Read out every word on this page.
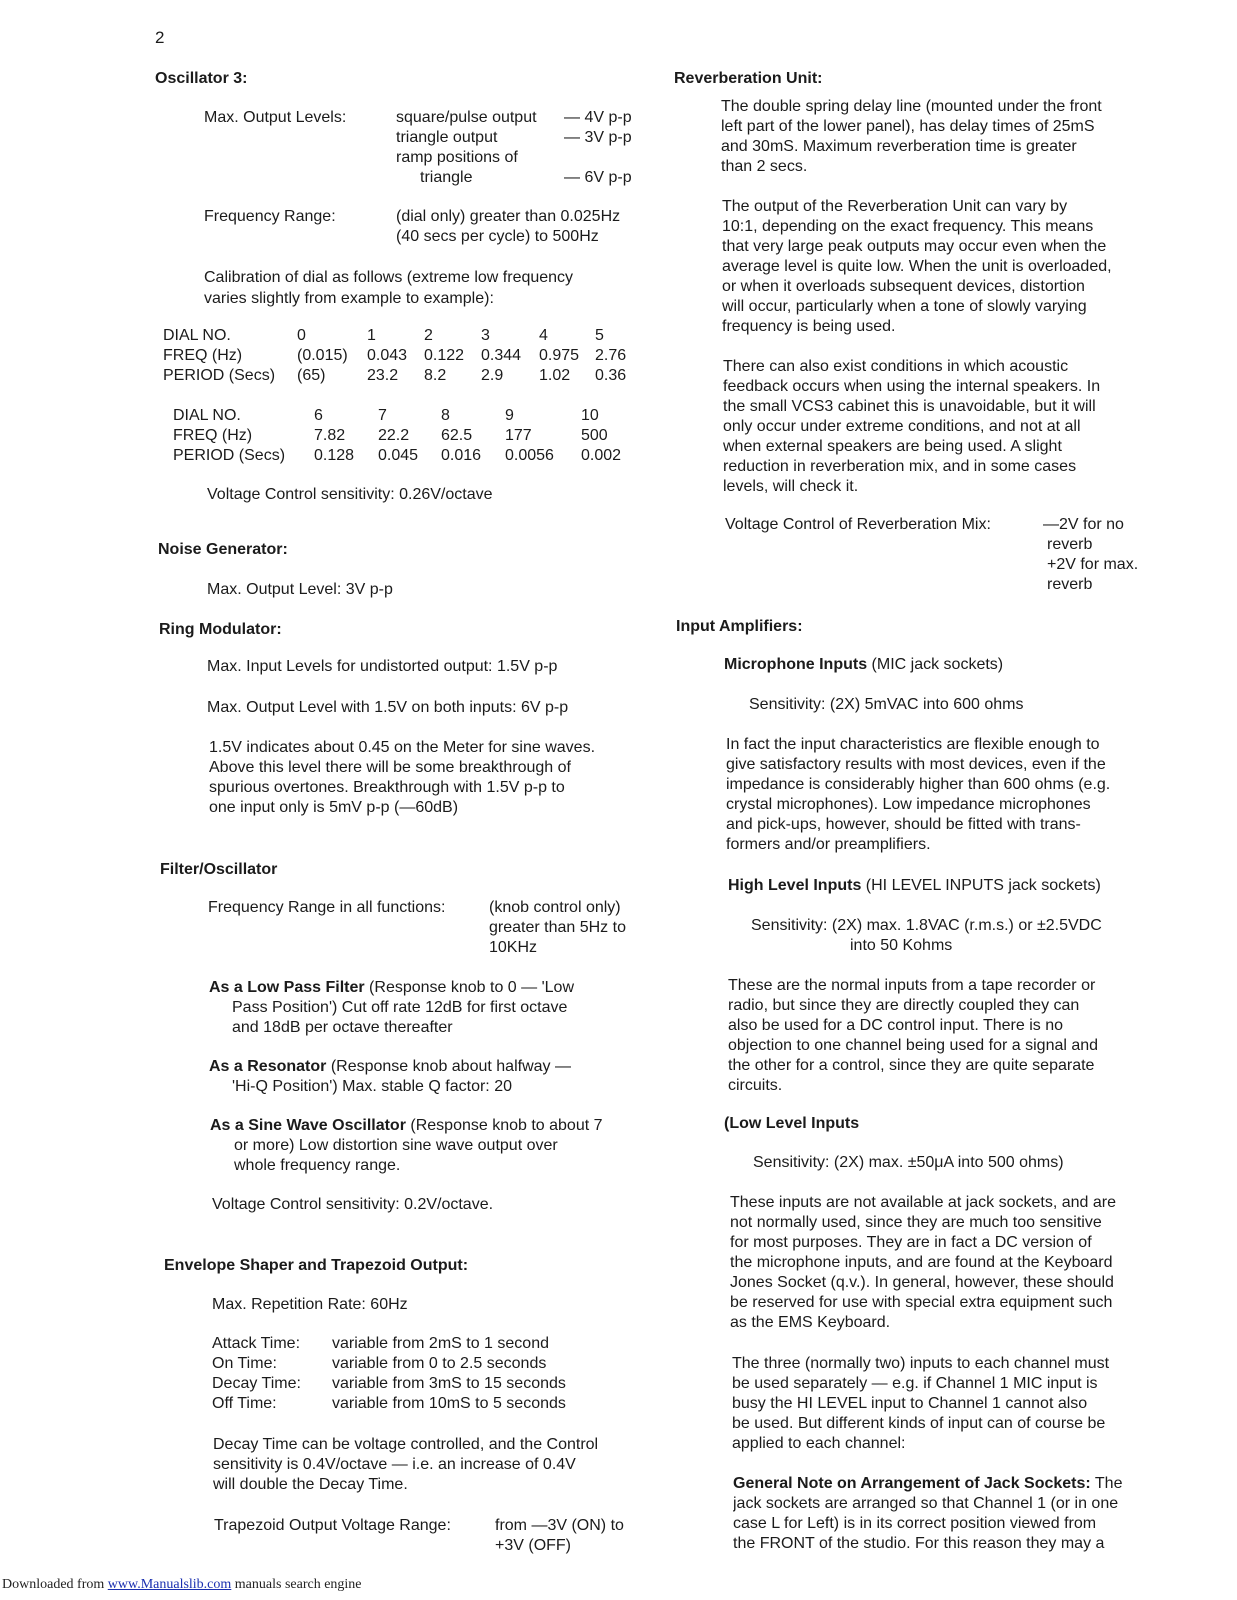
2
Oscillator 3:
Max. Output Levels:	square/pulse output — 4V p-p
triangle output	— 3V p-p
ramp positions of
triangle	— 6V p-p
Frequency Range:	(dial only) greater than 0.025Hz
(40 secs per cycle) to 500Hz
Calibration of dial as follows (extreme low frequency
varies slightly from example to example):
DIAL NO.	0	1	2	3	4	5
FREQ (Hz)	(0.015)	0.043	0.122	0.344	0.975	2.76
PERIOD (Secs)	(65)	23.2	8.2	2.9	1.02	0.36
DIAL NO.	6	7	8	9	10
FREQ (Hz)	7.82	22.2	62.5	177	500
PERIOD (Secs)	0.128	0.045	0.016	0.0056	0.002
Voltage Control sensitivity: 0.26V/octave
Noise Generator:
Max. Output Level: 3V p-p
Ring Modulator:
Max. Input Levels for undistorted output: 1.5V p-p
Max. Output Level with 1.5V on both inputs: 6V p-p
1.5V indicates about 0.45 on the Meter for sine waves.
Above this level there will be some breakthrough of
spurious overtones. Breakthrough with 1.5V p-p to
one input only is 5mV p-p (—60dB)
Filter/Oscillator
Frequency Range in all functions:	(knob control only)
greater than 5Hz to
10KHz
As a Low Pass Filter (Response knob to 0 — 'Low
Pass Position') Cut off rate 12dB for first octave
and 18dB per octave thereafter
As a Resonator (Response knob about halfway —
'Hi-Q Position') Max. stable Q factor: 20
As a Sine Wave Oscillator (Response knob to about 7
or more) Low distortion sine wave output over
whole frequency range.
Voltage Control sensitivity: 0.2V/octave.
Envelope Shaper and Trapezoid Output:
Max. Repetition Rate: 60Hz
Attack Time: variable from 2mS to 1 second
On Time:	variable from 0 to 2.5 seconds
Decay Time: variable from 3mS to 15 seconds
Off Time:	variable from 10mS to 5 seconds
Decay Time can be voltage controlled, and the Control
sensitivity is 0.4V/octave — i.e. an increase of 0.4V
will double the Decay Time.
Trapezoid Output Voltage Range:	from —3V (ON) to
+3V (OFF)
Reverberation Unit:
The double spring delay line (mounted under the front
left part of the lower panel), has delay times of 25mS
and 30mS. Maximum reverberation time is greater
than 2 secs.
The output of the Reverberation Unit can vary by
10:1, depending on the exact frequency. This means
that very large peak outputs may occur even when the
average level is quite low. When the unit is overloaded,
or when it overloads subsequent devices, distortion
will occur, particularly when a tone of slowly varying
frequency is being used.
There can also exist conditions in which acoustic
feedback occurs when using the internal speakers. In
the small VCS3 cabinet this is unavoidable, but it will
only occur under extreme conditions, and not at all
when external speakers are being used. A slight
reduction in reverberation mix, and in some cases
levels, will check it.
Voltage Control of Reverberation Mix:	—2V for no
reverb
+2V for max.
reverb
Input Amplifiers:
Microphone Inputs (MIC jack sockets)
Sensitivity: (2X) 5mVAC into 600 ohms
In fact the input characteristics are flexible enough to
give satisfactory results with most devices, even if the
impedance is considerably higher than 600 ohms (e.g.
crystal microphones). Low impedance microphones
and pick-ups, however, should be fitted with trans-
formers and/or preamplifiers.
High Level Inputs (HI LEVEL INPUTS jack sockets)
Sensitivity: (2X) max. 1.8VAC (r.m.s.) or ±2.5VDC
into 50 Kohms
These are the normal inputs from a tape recorder or
radio, but since they are directly coupled they can
also be used for a DC control input. There is no
objection to one channel being used for a signal and
the other for a control, since they are quite separate
circuits.
(Low Level Inputs
Sensitivity: (2X) max. ±50μA into 500 ohms)
These inputs are not available at jack sockets, and are
not normally used, since they are much too sensitive
for most purposes. They are in fact a DC version of
the microphone inputs, and are found at the Keyboard
Jones Socket (q.v.). In general, however, these should
be reserved for use with special extra equipment such
as the EMS Keyboard.
The three (normally two) inputs to each channel must
be used separately — e.g. if Channel 1 MIC input is
busy the HI LEVEL input to Channel 1 cannot also
be used. But different kinds of input can of course be
applied to each channel:
General Note on Arrangement of Jack Sockets: The
jack sockets are arranged so that Channel 1 (or in one
case L for Left) is in its correct position viewed from
the FRONT of the studio. For this reason they may a
Downloaded from www.Manualslib.com manuals search engine
